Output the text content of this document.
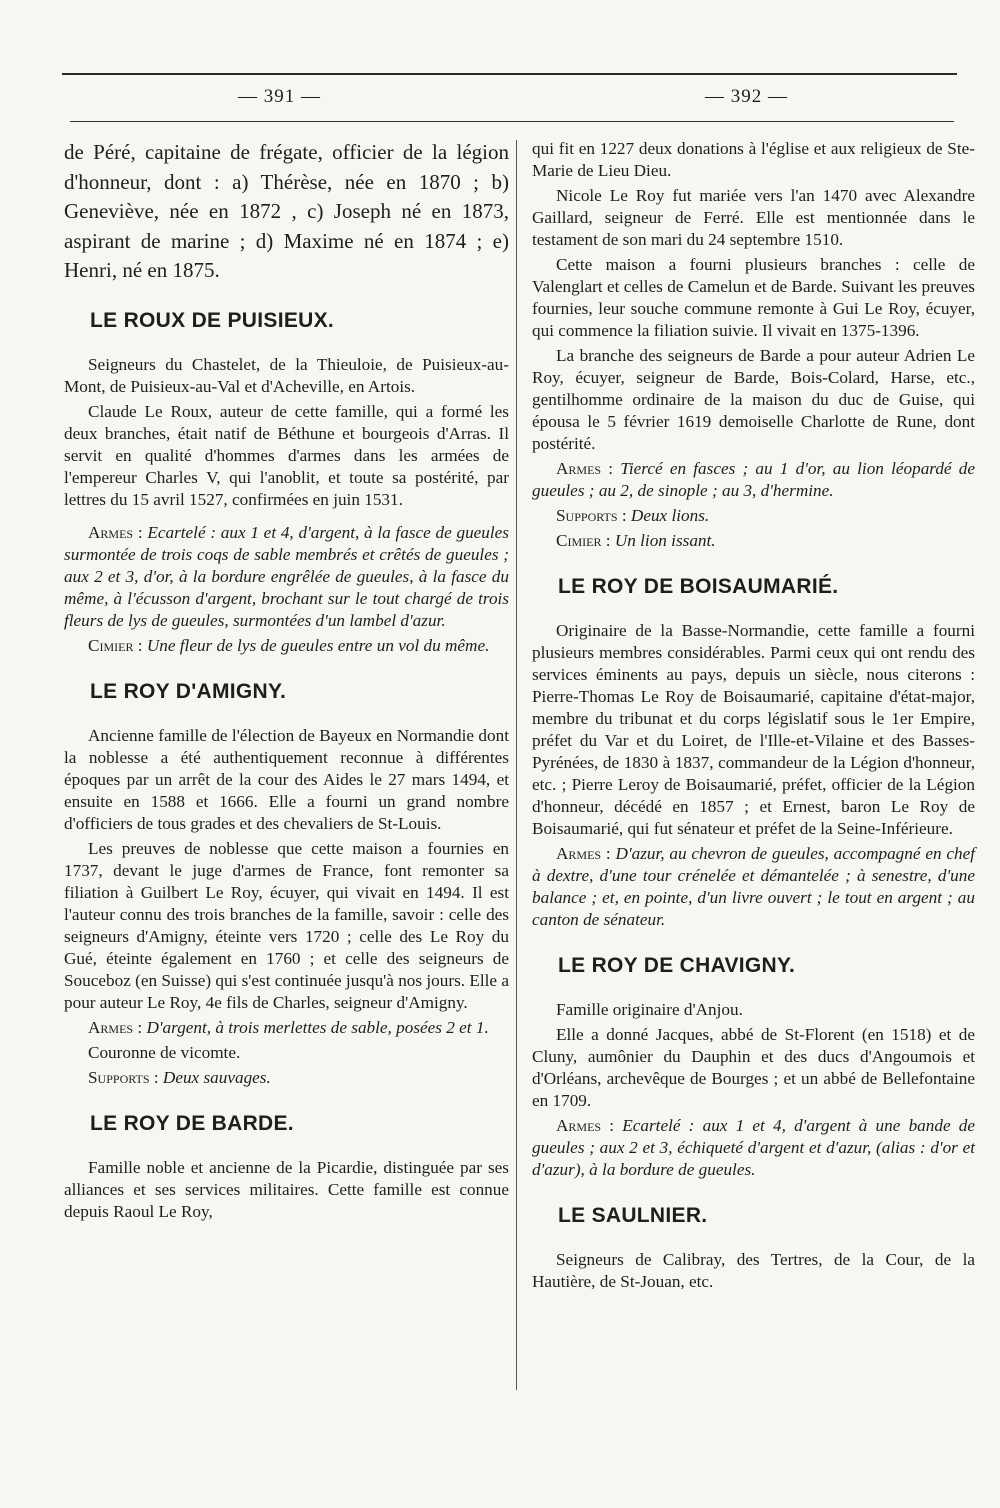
— 391 —	— 392 —

de Péré, capitaine de frégate, officier de la légion d'honneur, dont : a) Thérèse, née en 1870 ; b) Geneviève, née en 1872 , c) Joseph né en 1873, aspirant de marine ; d) Maxime né en 1874 ; e) Henri, né en 1875.

LE ROUX DE PUISIEUX.

Seigneurs du Chastelet, de la Thieuloie, de Puisieux-au-Mont, de Puisieux-au-Val et d'Acheville, en Artois.

Claude Le Roux, auteur de cette famille, qui a formé les deux branches, était natif de Béthune et bourgeois d'Arras. Il servit en qualité d'hommes d'armes dans les armées de l'empereur Charles V, qui l'anoblit, et toute sa postérité, par lettres du 15 avril 1527, confirmées en juin 1531.

Armes : Ecartelé : aux 1 et 4, d'argent, à la fasce de gueules surmontée de trois coqs de sable membrés et crêtés de gueules ; aux 2 et 3, d'or, à la bordure engrêlée de gueules, à la fasce du même, à l'écusson d'argent, brochant sur le tout chargé de trois fleurs de lys de gueules, surmontées d'un lambel d'azur.

Cimier : Une fleur de lys de gueules entre un vol du même.

LE ROY D'AMIGNY.

Ancienne famille de l'élection de Bayeux en Normandie dont la noblesse a été authentiquement reconnue à différentes époques par un arrêt de la cour des Aides le 27 mars 1494, et ensuite en 1588 et 1666. Elle a fourni un grand nombre d'officiers de tous grades et des chevaliers de St-Louis.

Les preuves de noblesse que cette maison a fournies en 1737, devant le juge d'armes de France, font remonter sa filiation à Guilbert Le Roy, écuyer, qui vivait en 1494. Il est l'auteur connu des trois branches de la famille, savoir : celle des seigneurs d'Amigny, éteinte vers 1720 ; celle des Le Roy du Gué, éteinte également en 1760 ; et celle des seigneurs de Souceboz (en Suisse) qui s'est continuée jusqu'à nos jours. Elle a pour auteur Le Roy, 4e fils de Charles, seigneur d'Amigny.

Armes : D'argent, à trois merlettes de sable, posées 2 et 1.

Couronne de vicomte.

Supports : Deux sauvages.

LE ROY DE BARDE.

Famille noble et ancienne de la Picardie, distinguée par ses alliances et ses services militaires. Cette famille est connue depuis Raoul Le Roy,

qui fit en 1227 deux donations à l'église et aux religieux de Ste-Marie de Lieu Dieu.

Nicole Le Roy fut mariée vers l'an 1470 avec Alexandre Gaillard, seigneur de Ferré. Elle est mentionnée dans le testament de son mari du 24 septembre 1510.

Cette maison a fourni plusieurs branches : celle de Valenglart et celles de Camelun et de Barde. Suivant les preuves fournies, leur souche commune remonte à Gui Le Roy, écuyer, qui commence la filiation suivie. Il vivait en 1375-1396.

La branche des seigneurs de Barde a pour auteur Adrien Le Roy, écuyer, seigneur de Barde, Bois-Colard, Harse, etc., gentilhomme ordinaire de la maison du duc de Guise, qui épousa le 5 février 1619 demoiselle Charlotte de Rune, dont postérité.

Armes : Tiercé en fasces ; au 1 d'or, au lion léopardé de gueules ; au 2, de sinople ; au 3, d'hermine.

Supports : Deux lions.

Cimier : Un lion issant.

LE ROY DE BOISAUMARIÉ.

Originaire de la Basse-Normandie, cette famille a fourni plusieurs membres considérables. Parmi ceux qui ont rendu des services éminents au pays, depuis un siècle, nous citerons : Pierre-Thomas Le Roy de Boisaumarié, capitaine d'état-major, membre du tribunat et du corps législatif sous le 1er Empire, préfet du Var et du Loiret, de l'Ille-et-Vilaine et des Basses-Pyrénées, de 1830 à 1837, commandeur de la Légion d'honneur, etc. ; Pierre Leroy de Boisaumarié, préfet, officier de la Légion d'honneur, décédé en 1857 ; et Ernest, baron Le Roy de Boisaumarié, qui fut sénateur et préfet de la Seine-Inférieure.

Armes : D'azur, au chevron de gueules, accompagné en chef à dextre, d'une tour crénelée et démantelée ; à senestre, d'une balance ; et, en pointe, d'un livre ouvert ; le tout en argent ; au canton de sénateur.

LE ROY DE CHAVIGNY.

Famille originaire d'Anjou.

Elle a donné Jacques, abbé de St-Florent (en 1518) et de Cluny, aumônier du Dauphin et des ducs d'Angoumois et d'Orléans, archevêque de Bourges ; et un abbé de Bellefontaine en 1709.

Armes : Ecartelé : aux 1 et 4, d'argent à une bande de gueules ; aux 2 et 3, échiqueté d'argent et d'azur, (alias : d'or et d'azur), à la bordure de gueules.

LE SAULNIER.

Seigneurs de Calibray, des Tertres, de la Cour, de la Hautière, de St-Jouan, etc.
